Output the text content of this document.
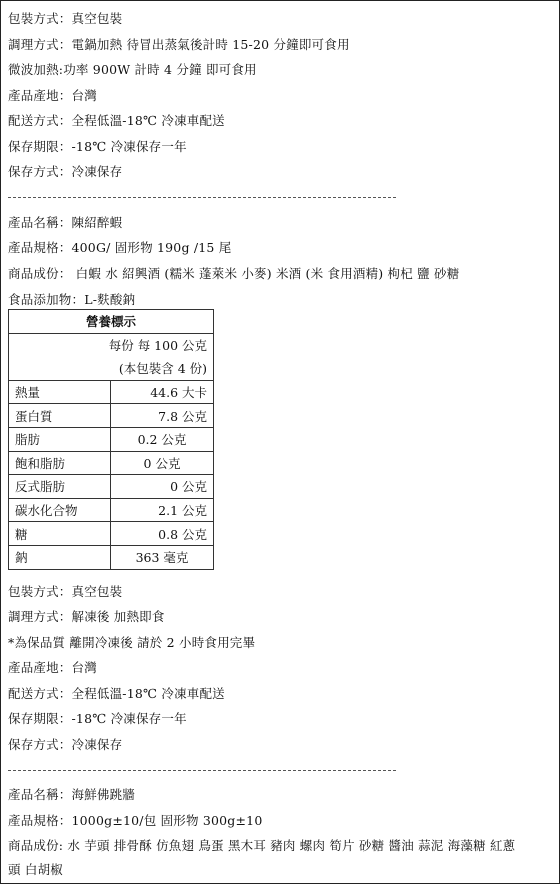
包裝方式：真空包裝
調理方式：電鍋加熱 待冒出蒸氣後計時 15-20 分鐘即可食用
微波加熱:功率 900W 計時 4 分鐘 即可食用
產品產地：台灣
配送方式：全程低溫-18℃ 冷凍車配送
保存期限：-18℃ 冷凍保存一年
保存方式：冷凍保存
產品名稱：陳紹醉蝦
產品規格：400G/ 固形物 190g /15 尾
商品成份： 白蝦 水 紹興酒 (糯米 蓬萊米 小麥) 米酒 (米 食用酒精) 枸杞 鹽 砂糖
食品添加物：L-麩酸鈉
營養標示	
每份 每 100 公克	
(本包裝含 4 份)	
熱量	44.6 大卡
蛋白質	7.8 公克
脂肪	0.2 公克
飽和脂肪	0 公克
反式脂肪	0 公克
碳水化合物	2.1 公克
糖	0.8 公克
鈉	363 毫克
包裝方式：真空包裝
調理方式：解凍後 加熱即食
*為保品質 離開冷凍後 請於 2 小時食用完畢
產品產地：台灣
配送方式：全程低溫-18℃ 冷凍車配送
保存期限：-18℃ 冷凍保存一年
保存方式：冷凍保存
產品名稱：海鮮佛跳牆
產品規格：1000g±10/包 固形物 300g±10
商品成份: 水 芋頭 排骨酥 仿魚翅 鳥蛋 黑木耳 豬肉 螺肉 筍片 砂糖 醬油 蒜泥 海藻糖 紅蔥
頭 白胡椒
